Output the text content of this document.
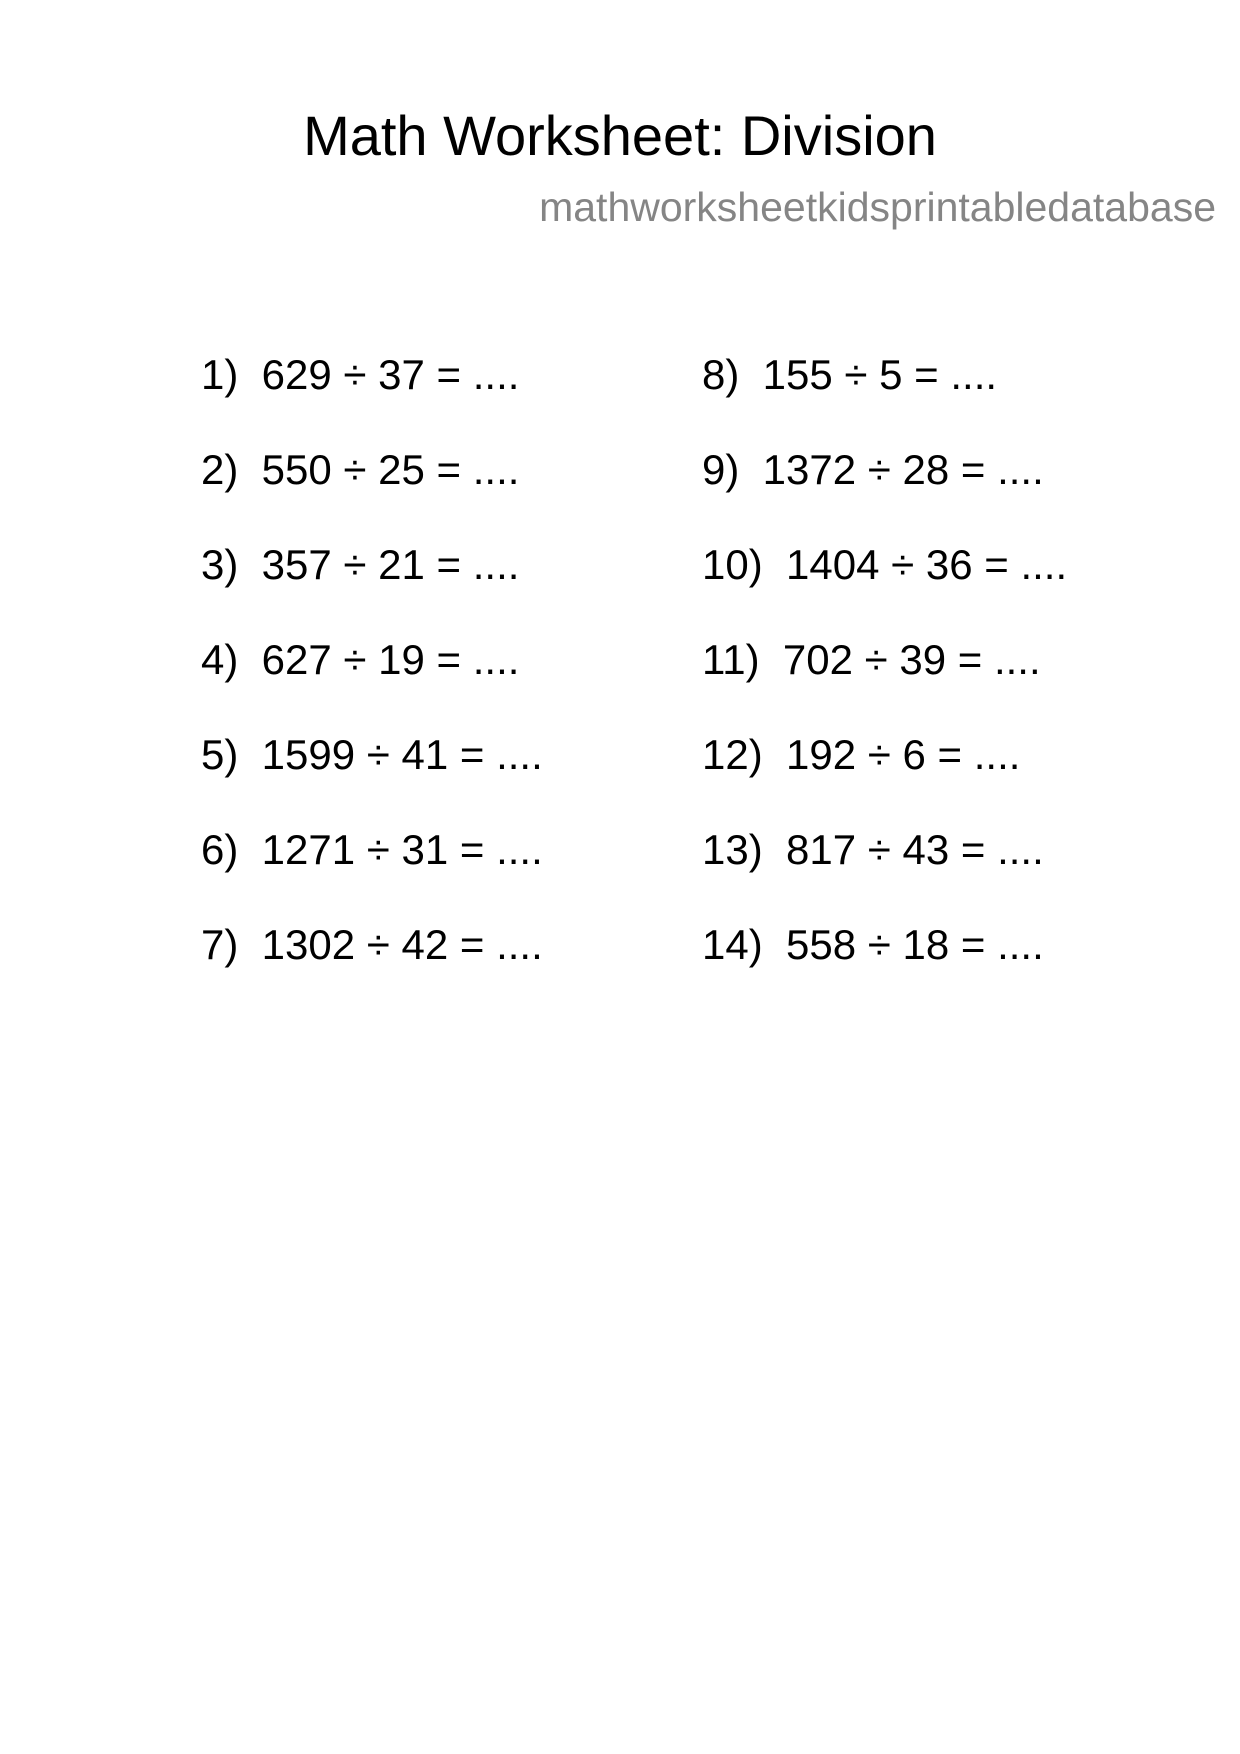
Math Worksheet: Division
mathworksheetkidsprintabledatabase
1)  629 ÷ 37 = ....
2)  550 ÷ 25 = ....
3)  357 ÷ 21 = ....
4)  627 ÷ 19 = ....
5)  1599 ÷ 41 = ....
6)  1271 ÷ 31 = ....
7)  1302 ÷ 42 = ....
8)  155 ÷ 5 = ....
9)  1372 ÷ 28 = ....
10)  1404 ÷ 36 = ....
11)  702 ÷ 39 = ....
12)  192 ÷ 6 = ....
13)  817 ÷ 43 = ....
14)  558 ÷ 18 = ....
